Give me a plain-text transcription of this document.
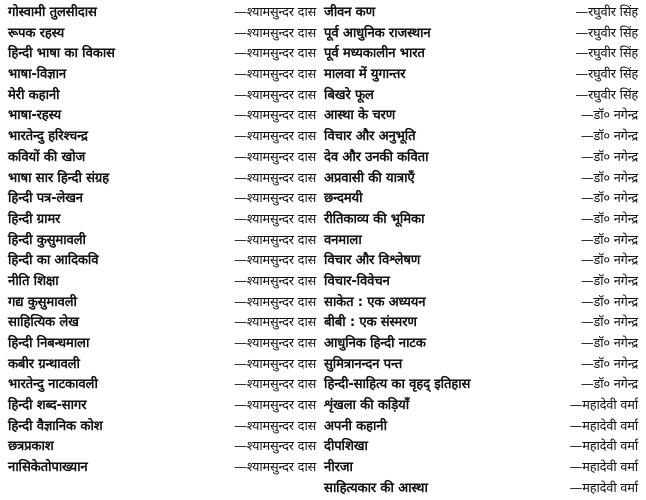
गोस्वामी तुलसीदास	—श्यामसुन्दर दास
रूपक रहस्य	—श्यामसुन्दर दास
हिन्दी भाषा का विकास	—श्यामसुन्दर दास
भाषा-विज्ञान	—श्यामसुन्दर दास
मेरी कहानी	—श्यामसुन्दर दास
भाषा-रहस्य	—श्यामसुन्दर दास
भारतेन्दु हरिश्चन्द्र	—श्यामसुन्दर दास
कवियों की खोज	—श्यामसुन्दर दास
भाषा सार हिन्दी संग्रह	—श्यामसुन्दर दास
हिन्दी पत्र-लेखन	—श्यामसुन्दर दास
हिन्दी ग्रामर	—श्यामसुन्दर दास
हिन्दी कुसुमावली	—श्यामसुन्दर दास
हिन्दी का आदिकवि	—श्यामसुन्दर दास
नीति शिक्षा	—श्यामसुन्दर दास
गद्य कुसुमावली	—श्यामसुन्दर दास
साहित्यिक लेख	—श्यामसुन्दर दास
हिन्दी निबन्धमाला	—श्यामसुन्दर दास
कबीर ग्रन्थावली	—श्यामसुन्दर दास
भारतेन्दु नाटकावली	—श्यामसुन्दर दास
हिन्दी शब्द-सागर	—श्यामसुन्दर दास
हिन्दी वैज्ञानिक कोश	—श्यामसुन्दर दास
छत्रप्रकाश	—श्यामसुन्दर दास
नासिकेतोपाख्यान	—श्यामसुन्दर दास
जीवन कण	—रघुवीर सिंह
पूर्व आधुनिक राजस्थान	—रघुवीर सिंह
पूर्व मध्यकालीन भारत	—रघुवीर सिंह
मालवा में युगान्तर	—रघुवीर सिंह
बिखरे फूल	—रघुवीर सिंह
आस्था के चरण	—डॉ० नगेन्द्र
विचार और अनुभूति	—डॉ० नगेन्द्र
देव और उनकी कविता	—डॉ० नगेन्द्र
अप्रवासी की यात्राएँ	—डॉ० नगेन्द्र
छन्दमयी	—डॉ० नगेन्द्र
रीतिकाव्य की भूमिका	—डॉ० नगेन्द्र
वनमाला	—डॉ० नगेन्द्र
विचार और विश्लेषण	—डॉ० नगेन्द्र
विचार-विवेचन	—डॉ० नगेन्द्र
साकेत : एक अध्ययन	—डॉ० नगेन्द्र
बीबी : एक संस्मरण	—डॉ० नगेन्द्र
आधुनिक हिन्दी नाटक	—डॉ० नगेन्द्र
सुमित्रानन्दन पन्त	—डॉ० नगेन्द्र
हिन्दी-साहित्य का वृहद् इतिहास	—डॉ० नगेन्द्र
शृंखला की कड़ियाँ	—महादेवी वर्मा
अपनी कहानी	—महादेवी वर्मा
दीपशिखा	—महादेवी वर्मा
नीरजा	—महादेवी वर्मा
साहित्यकार की आस्था	—महादेवी वर्मा
